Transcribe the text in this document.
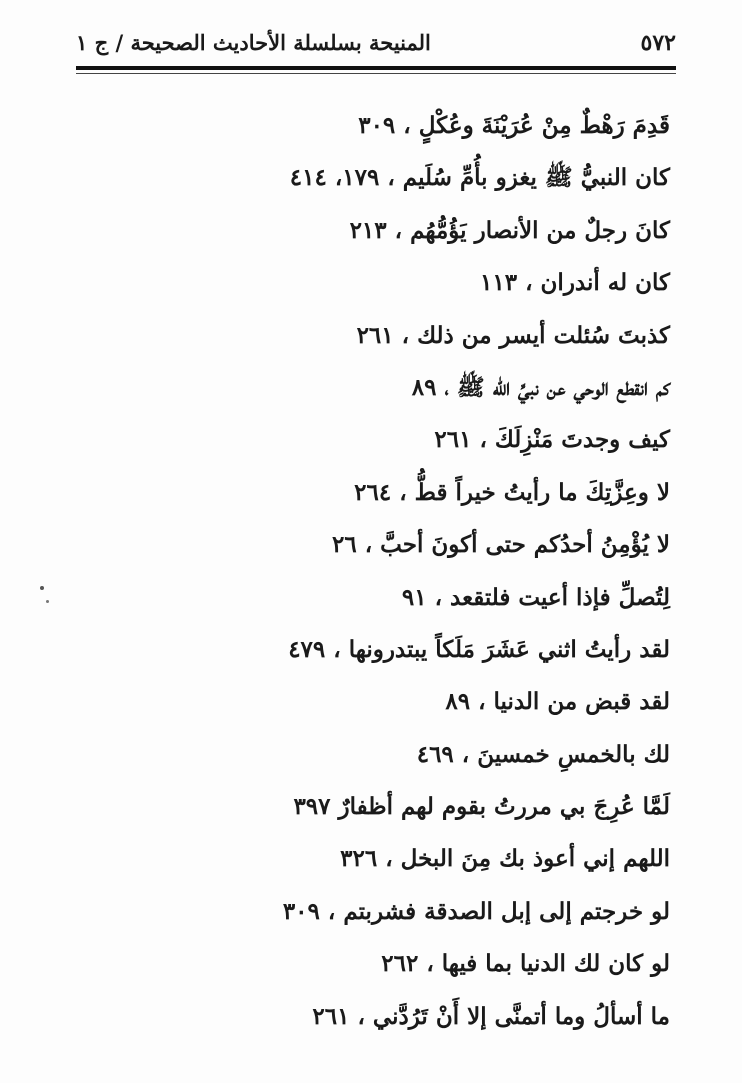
٥٧٢
المنيحة بسلسلة الأحاديث الصحيحة / ج ١
قَدِمَ رَهْطٌ مِنْ عُرَيْنَةَ وعُكْلٍ ، ٣٠٩
كان النبيُّ ﷺ يغزو بأُمِّ سُلَيم ، ١٧٩، ٤١٤
كانَ رجلٌ من الأنصار يَؤُمُّهُم ، ٢١٣
كان له أندران ، ١١٣
كذبتَ سُئلت أيسر من ذلك ، ٢٦١
كم انقطع الوحي عن نبيِّ الله ﷺ ، ٨٩
كيف وجدتَ مَنْزِلَكَ ، ٢٦١
لا وعِزَّتِكَ ما رأيتُ خيراً قطُّ ، ٢٦٤
لا يُؤْمِنُ أحدُكم حتى أكونَ أحبَّ ، ٢٦
لِتُصلِّ فإذا أعيت فلتقعد ، ٩١
لقد رأيتُ اثني عَشَرَ مَلَكاً يبتدرونها ، ٤٧٩
لقد قبض من الدنيا ، ٨٩
لك بالخمسِ خمسينَ ، ٤٦٩
لَمَّا عُرِجَ بي مررتُ بقوم لهم أظفارٌ ٣٩٧
اللهم إني أعوذ بك مِنَ البخل ، ٣٢٦
لو خرجتم إلى إبل الصدقة فشربتم ، ٣٠٩
لو كان لك الدنيا بما فيها ، ٢٦٢
ما أسألُ وما أتمنَّى إلا أَنْ تَرُدَّني ، ٢٦١
